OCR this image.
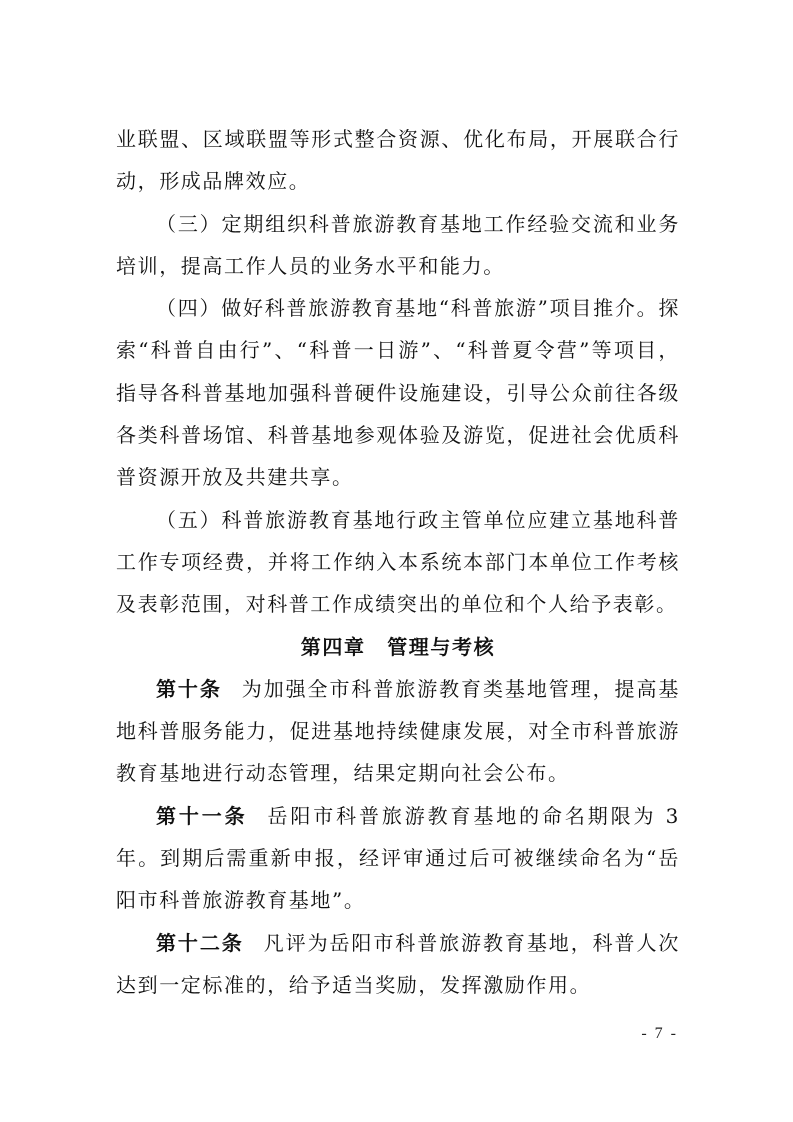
业联盟、区域联盟等形式整合资源、优化布局，开展联合行动，形成品牌效应。

（三）定期组织科普旅游教育基地工作经验交流和业务培训，提高工作人员的业务水平和能力。

（四）做好科普旅游教育基地“科普旅游”项目推介。探索“科普自由行”、“科普一日游”、“科普夏令营”等项目，指导各科普基地加强科普硬件设施建设，引导公众前往各级各类科普场馆、科普基地参观体验及游览，促进社会优质科普资源开放及共建共享。

（五）科普旅游教育基地行政主管单位应建立基地科普工作专项经费，并将工作纳入本系统本部门本单位工作考核及表彰范围，对科普工作成绩突出的单位和个人给予表彰。

第四章　管理与考核

第十条 为加强全市科普旅游教育类基地管理，提高基地科普服务能力，促进基地持续健康发展，对全市科普旅游教育基地进行动态管理，结果定期向社会公布。

第十一条 岳阳市科普旅游教育基地的命名期限为 3 年。到期后需重新申报，经评审通过后可被继续命名为“岳阳市科普旅游教育基地”。

第十二条 凡评为岳阳市科普旅游教育基地，科普人次达到一定标准的，给予适当奖励，发挥激励作用。

- 7 -
